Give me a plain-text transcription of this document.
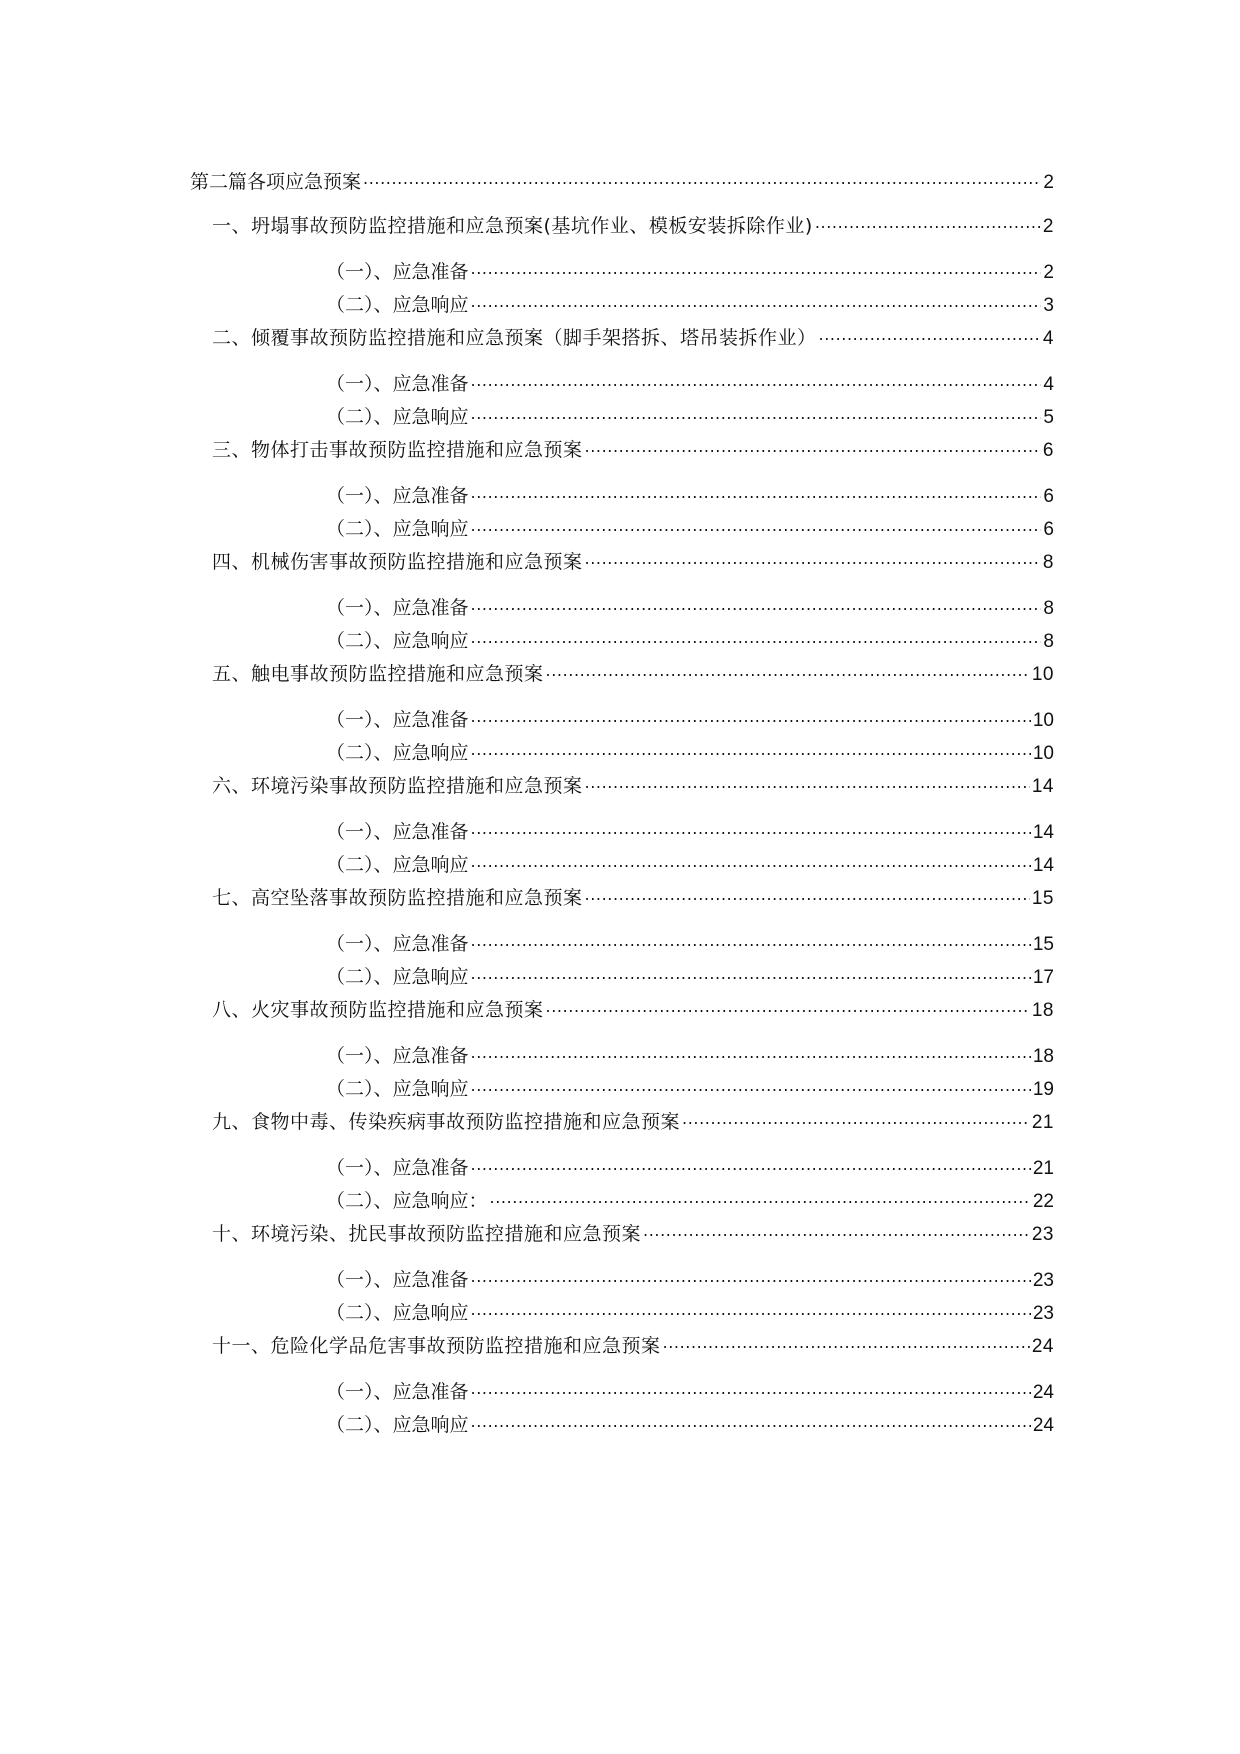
第二篇各项应急预案 .....	2
一、坍塌事故预防监控措施和应急预案(基坑作业、模板安装拆除作业) .....	2
（一）、应急准备 .....	2
（二）、应急响应 .....	3
二、倾覆事故预防监控措施和应急预案（脚手架搭拆、塔吊装拆作业） .....	4
（一）、应急准备 .....	4
（二）、应急响应 .....	5
三、物体打击事故预防监控措施和应急预案 .....	6
（一）、应急准备 .....	6
（二）、应急响应 .....	6
四、机械伤害事故预防监控措施和应急预案 .....	8
（一）、应急准备 .....	8
（二）、应急响应 .....	8
五、触电事故预防监控措施和应急预案 .....	10
（一）、应急准备 .....	10
（二）、应急响应 .....	10
六、环境污染事故预防监控措施和应急预案 .....	14
（一）、应急准备 .....	14
（二）、应急响应 .....	14
七、高空坠落事故预防监控措施和应急预案 .....	15
（一）、应急准备 .....	15
（二）、应急响应 .....	17
八、火灾事故预防监控措施和应急预案 .....	18
（一）、应急准备 .....	18
（二）、应急响应 .....	19
九、食物中毒、传染疾病事故预防监控措施和应急预案 .....	21
（一）、应急准备 .....	21
（二）、应急响应： .....	22
十、环境污染、扰民事故预防监控措施和应急预案 .....	23
（一）、应急准备 .....	23
（二）、应急响应 .....	23
十一、危险化学品危害事故预防监控措施和应急预案 .....	24
（一）、应急准备 .....	24
（二）、应急响应 .....	24
